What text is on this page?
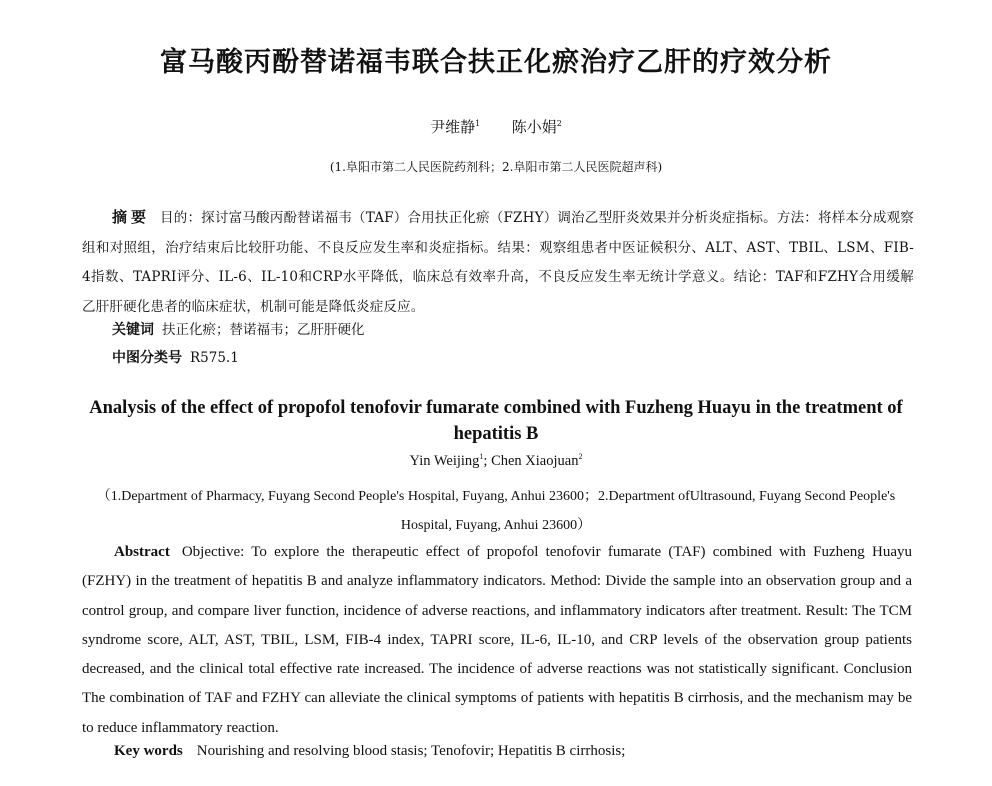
富马酸丙酚替诺福韦联合扶正化瘀治疗乙肝的疗效分析
尹维静$^1$ 陈小娟$^2$
(1.阜阳市第二人民医院药剂科；2.阜阳市第二人民医院超声科)

摘要 目的：探讨富马酸丙酚替诺福韦（TAF）合用扶正化瘀（FZHY）调治乙型肝炎效果并分析炎症指标。方法：将样本分成观察组和对照组，治疗结束后比较肝功能、不良反应发生率和炎症指标。结果：观察组患者中医证候积分、ALT、AST、TBIL、LSM、FIB-4指数、TAPRI评分、IL-6、IL-10和CRP水平降低，临床总有效率升高，不良反应发生率无统计学意义。结论：TAF和FZHY合用缓解乙肝肝硬化患者的临床症状，机制可能是降低炎症反应。

关键词 扶正化瘀；替诺福韦；乙肝肝硬化
中图分类号 R575.1

Analysis of the effect of propofol tenofovir fumarate combined with Fuzheng Huayu in the treatment of hepatitis B

Yin Weijing$^1$; Chen Xiaojuan$^2$

（1.Department of Pharmacy, Fuyang Second People's Hospital, Fuyang, Anhui 23600；2.Department ofUltrasound, Fuyang Second People's Hospital, Fuyang, Anhui 23600）

Abstract Objective: To explore the therapeutic effect of propofol tenofovir fumarate (TAF) combined with Fuzheng Huayu (FZHY) in the treatment of hepatitis B and analyze inflammatory indicators. Method: Divide the sample into an observation group and a control group, and compare liver function, incidence of adverse reactions, and inflammatory indicators after treatment. Result: The TCM syndrome score, ALT, AST, TBIL, LSM, FIB-4 index, TAPRI score, IL-6, IL-10, and CRP levels of the observation group patients decreased, and the clinical total effective rate increased. The incidence of adverse reactions was not statistically significant. Conclusion The combination of TAF and FZHY can alleviate the clinical symptoms of patients with hepatitis B cirrhosis, and the mechanism may be to reduce inflammatory reaction.

Key words Nourishing and resolving blood stasis; Tenofovir; Hepatitis B cirrhosis;
